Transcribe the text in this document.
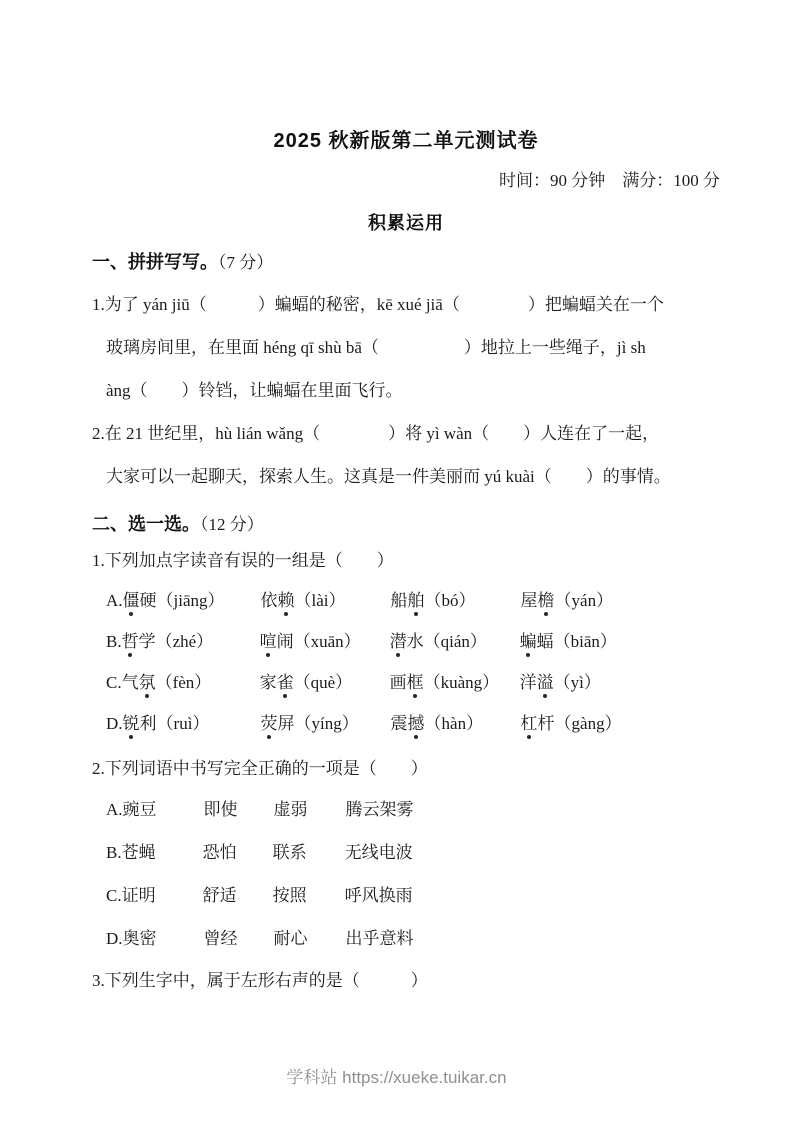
2025 秋新版第二单元测试卷
时间：90 分钟　满分：100 分
积累运用
一、拼拼写写。（7 分）
1.为了 yán jiū（　　　）蝙蝠的秘密，kē xué jiā（　　　　）把蝙蝠关在一个
玻璃房间里，在里面 héng qī shù bā（　　　　　）地拉上一些绳子，jì sh
àng（　　）铃铛，让蝙蝠在里面飞行。
2.在 21 世纪里，hù lián wǎng（　　　　）将 yì wàn（　　）人连在了一起，
大家可以一起聊天，探索人生。这真是一件美丽而 yú kuài（　　）的事情。
二、选一选。（12 分）
1.下列加点字读音有误的一组是（　　）
A. 僵硬（jiāng）	依赖（lài）	船舶（bó）	屋檐（yán）
B. 哲学（zhé）	喧闹（xuān）	潜水（qián）	蝙蝠（biān）
C. 气氛（fèn）	家雀（què）	画框（kuàng）	洋溢（yì）
D. 锐利（ruì）	荧屏（yíng）	震撼（hàn）	杠杆（gàng）
2.下列词语中书写完全正确的一项是（　　）
A. 豌豆	即使	虚弱	腾云架雾
B. 苍蝇	恐怕	联系	无线电波
C. 证明	舒适	按照	呼风换雨
D. 奥密	曾经	耐心	出乎意料
3.下列生字中，属于左形右声的是（　　　）
学科站 https://xueke.tuikar.cn
